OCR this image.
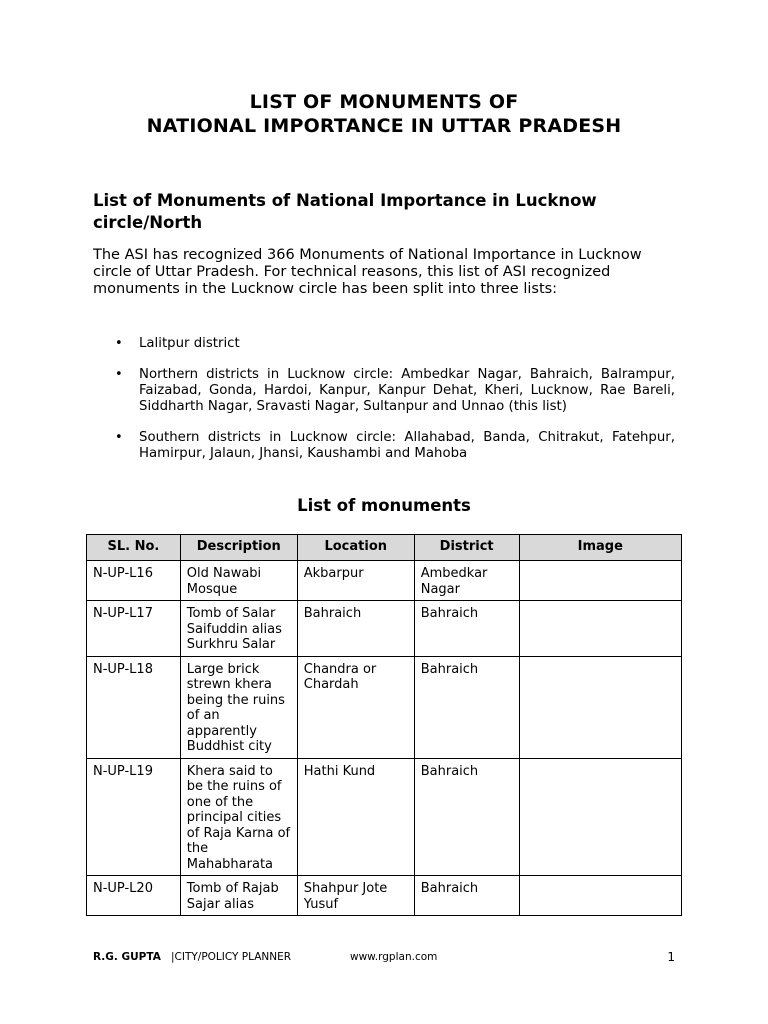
LIST OF MONUMENTS OF
NATIONAL IMPORTANCE IN UTTAR PRADESH
List of Monuments of National Importance in Lucknow circle/North
The ASI has recognized 366 Monuments of National Importance in Lucknow circle of Uttar Pradesh. For technical reasons, this list of ASI recognized monuments in the Lucknow circle has been split into three lists:
• Lalitpur district
• Northern districts in Lucknow circle: Ambedkar Nagar, Bahraich, Balrampur, Faizabad, Gonda, Hardoi, Kanpur, Kanpur Dehat, Kheri, Lucknow, Rae Bareli, Siddharth Nagar, Sravasti Nagar, Sultanpur and Unnao (this list)
• Southern districts in Lucknow circle: Allahabad, Banda, Chitrakut, Fatehpur, Hamirpur, Jalaun, Jhansi, Kaushambi and Mahoba
List of monuments
SL. No.	Description	Location	District	Image
N-UP-L16	Old Nawabi Mosque	Akbarpur	Ambedkar Nagar	
N-UP-L17	Tomb of Salar Saifuddin alias Surkhru Salar	Bahraich	Bahraich	
N-UP-L18	Large brick strewn khera being the ruins of an apparently Buddhist city	Chandra or Chardah	Bahraich	
N-UP-L19	Khera said to be the ruins of one of the principal cities of Raja Karna of the Mahabharata	Hathi Kund	Bahraich	
N-UP-L20	Tomb of Rajab Sajar alias	Shahpur Jote Yusuf	Bahraich	
R.G. GUPTA |CITY/POLICY PLANNER	www.rgplan.com	1
